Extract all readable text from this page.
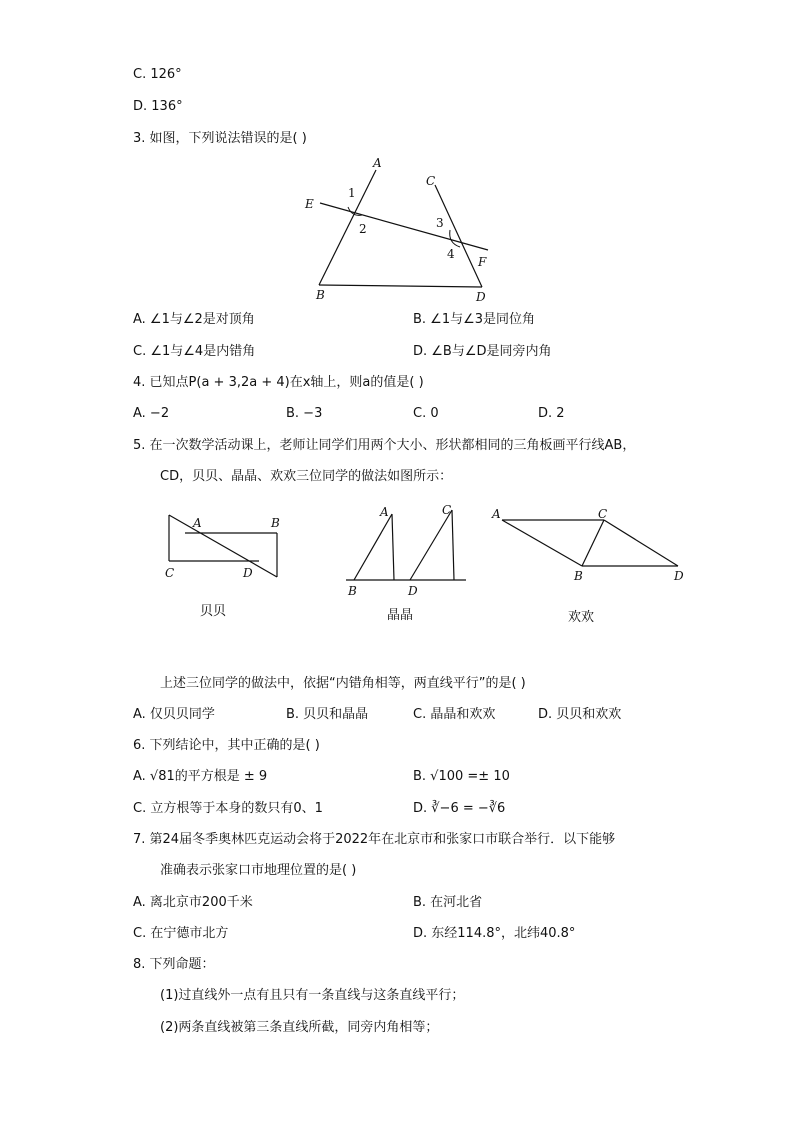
C. 126°
D. 136°
3. 如图，下列说法错误的是( )
A
E
C
F
B	D
1
2	3
4
A. ∠1与∠2是对顶角	B. ∠1与∠3是同位角
C. ∠1与∠4是内错角	D. ∠B与∠D是同旁内角
4. 已知点P(a + 3,2a + 4)在x轴上，则a的值是( )
A. −2	B. −3	C. 0	D. 2
5. 在一次数学活动课上，老师让同学们用两个大小、形状都相同的三角板画平行线AB，
CD，贝贝、晶晶、欢欢三位同学的做法如图所示：
A	B
C	D
贝贝
A	C
B	D
晶晶
A	C
B	D
欢欢
上述三位同学的做法中，依据“内错角相等，两直线平行”的是( )
A. 仅贝贝同学	B. 贝贝和晶晶	C. 晶晶和欢欢	D. 贝贝和欢欢
6. 下列结论中，其中正确的是( )
A. √81的平方根是 ± 9	B. √100 =± 10
C. 立方根等于本身的数只有0、1	D. ∛−6 = −∛6
7. 第24届冬季奥林匹克运动会将于2022年在北京市和张家口市联合举行．以下能够
准确表示张家口市地理位置的是( )
A. 离北京市200千米	B. 在河北省
C. 在宁德市北方	D. 东经114.8°，北纬40.8°
8. 下列命题：
(1)过直线外一点有且只有一条直线与这条直线平行；
(2)两条直线被第三条直线所截，同旁内角相等；
